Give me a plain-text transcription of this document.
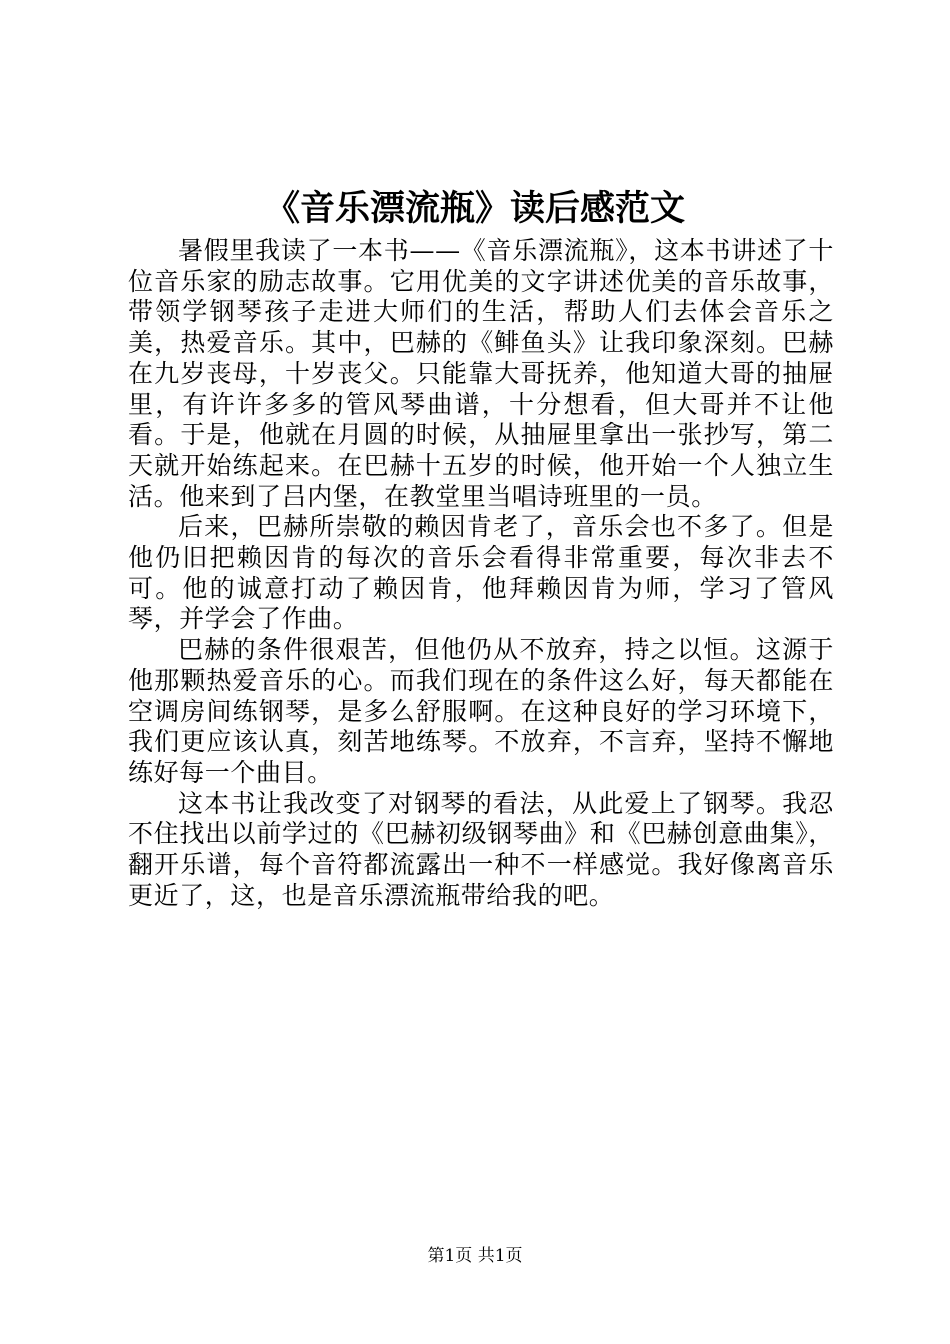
《音乐漂流瓶》读后感范文

暑假里我读了一本书——《音乐漂流瓶》，这本书讲述了十位音乐家的励志故事。它用优美的文字讲述优美的音乐故事，带领学钢琴孩子走进大师们的生活，帮助人们去体会音乐之美，热爱音乐。其中，巴赫的《鲱鱼头》让我印象深刻。巴赫在九岁丧母，十岁丧父。只能靠大哥抚养，他知道大哥的抽屉里，有许许多多的管风琴曲谱，十分想看，但大哥并不让他看。于是，他就在月圆的时候，从抽屉里拿出一张抄写，第二天就开始练起来。在巴赫十五岁的时候，他开始一个人独立生活。他来到了吕内堡，在教堂里当唱诗班里的一员。

后来，巴赫所崇敬的赖因肯老了，音乐会也不多了。但是他仍旧把赖因肯的每次的音乐会看得非常重要，每次非去不可。他的诚意打动了赖因肯，他拜赖因肯为师，学习了管风琴，并学会了作曲。

巴赫的条件很艰苦，但他仍从不放弃，持之以恒。这源于他那颗热爱音乐的心。而我们现在的条件这么好，每天都能在空调房间练钢琴，是多么舒服啊。在这种良好的学习环境下，我们更应该认真，刻苦地练琴。不放弃，不言弃，坚持不懈地练好每一个曲目。

这本书让我改变了对钢琴的看法，从此爱上了钢琴。我忍不住找出以前学过的《巴赫初级钢琴曲》和《巴赫创意曲集》，翻开乐谱，每个音符都流露出一种不一样感觉。我好像离音乐更近了，这，也是音乐漂流瓶带给我的吧。

第1页 共1页
